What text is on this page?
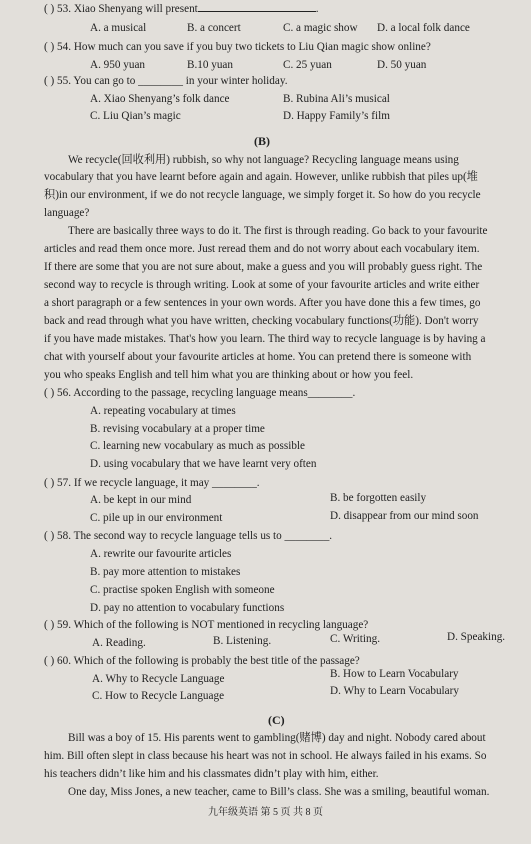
( ) 53. Xiao Shenyang will present	.
A. a musical	B. a concert	C. a magic show D. a local folk dance
( ) 54. How much can you save if you buy two tickets to Liu Qian magic show online?
A. 950 yuan	B.10 yuan	C. 25 yuan	D. 50 yuan
( ) 55. You can go to ________ in your winter holiday.
A. Xiao Shenyang’s folk dance	B. Rubina Ali’s musical
C. Liu Qian’s magic	D. Happy Family’s film
(B)
We recycle(回收利用) rubbish, so why not language? Recycling language means using
vocabulary that you have learnt before again and again. However, unlike rubbish that piles up(堆
积)in our environment, if we do not recycle language, we simply forget it. So how do you recycle
language?
There are basically three ways to do it. The first is through reading. Go back to your favourite
articles and read them once more. Just reread them and do not worry about each vocabulary item.
If there are some that you are not sure about, make a guess and you will probably guess right. The
second way to recycle is through writing. Look at some of your favourite articles and write either
a short paragraph or a few sentences in your own words. After you have done this a few times, go
back and read through what you have written, checking vocabulary functions(功能). Don't worry
if you have made mistakes. That's how you learn. The third way to recycle language is by having a
chat with yourself about your favourite articles at home. You can pretend there is someone with
you who speaks English and tell him what you are thinking about or how you feel.
( ) 56. According to the passage, recycling language means________.
A. repeating vocabulary at times
B. revising vocabulary at a proper time
C. learning new vocabulary as much as possible
D. using vocabulary that we have learnt very often
( ) 57. If we recycle language, it may ________.
A. be kept in our mind	B. be forgotten easily
C. pile up in our environment	D. disappear from our mind soon
( ) 58. The second way to recycle language tells us to ________.
A. rewrite our favourite articles
B. pay more attention to mistakes
C. practise spoken English with someone
D. pay no attention to vocabulary functions
( ) 59. Which of the following is NOT mentioned in recycling language?
A. Reading.	B. Listening.	C. Writing.	D. Speaking.
( ) 60. Which of the following is probably the best title of the passage?
A. Why to Recycle Language	B. How to Learn Vocabulary
C. How to Recycle Language	D. Why to Learn Vocabulary
(C)
Bill was a boy of 15. His parents went to gambling(赌博) day and night. Nobody cared about
him. Bill often slept in class because his heart was not in school. He always failed in his exams. So
his teachers didn’t like him and his classmates didn’t play with him, either.
One day, Miss Jones, a new teacher, came to Bill’s class. She was a smiling, beautiful woman.
九年级英语 第 5 页 共 8 页
